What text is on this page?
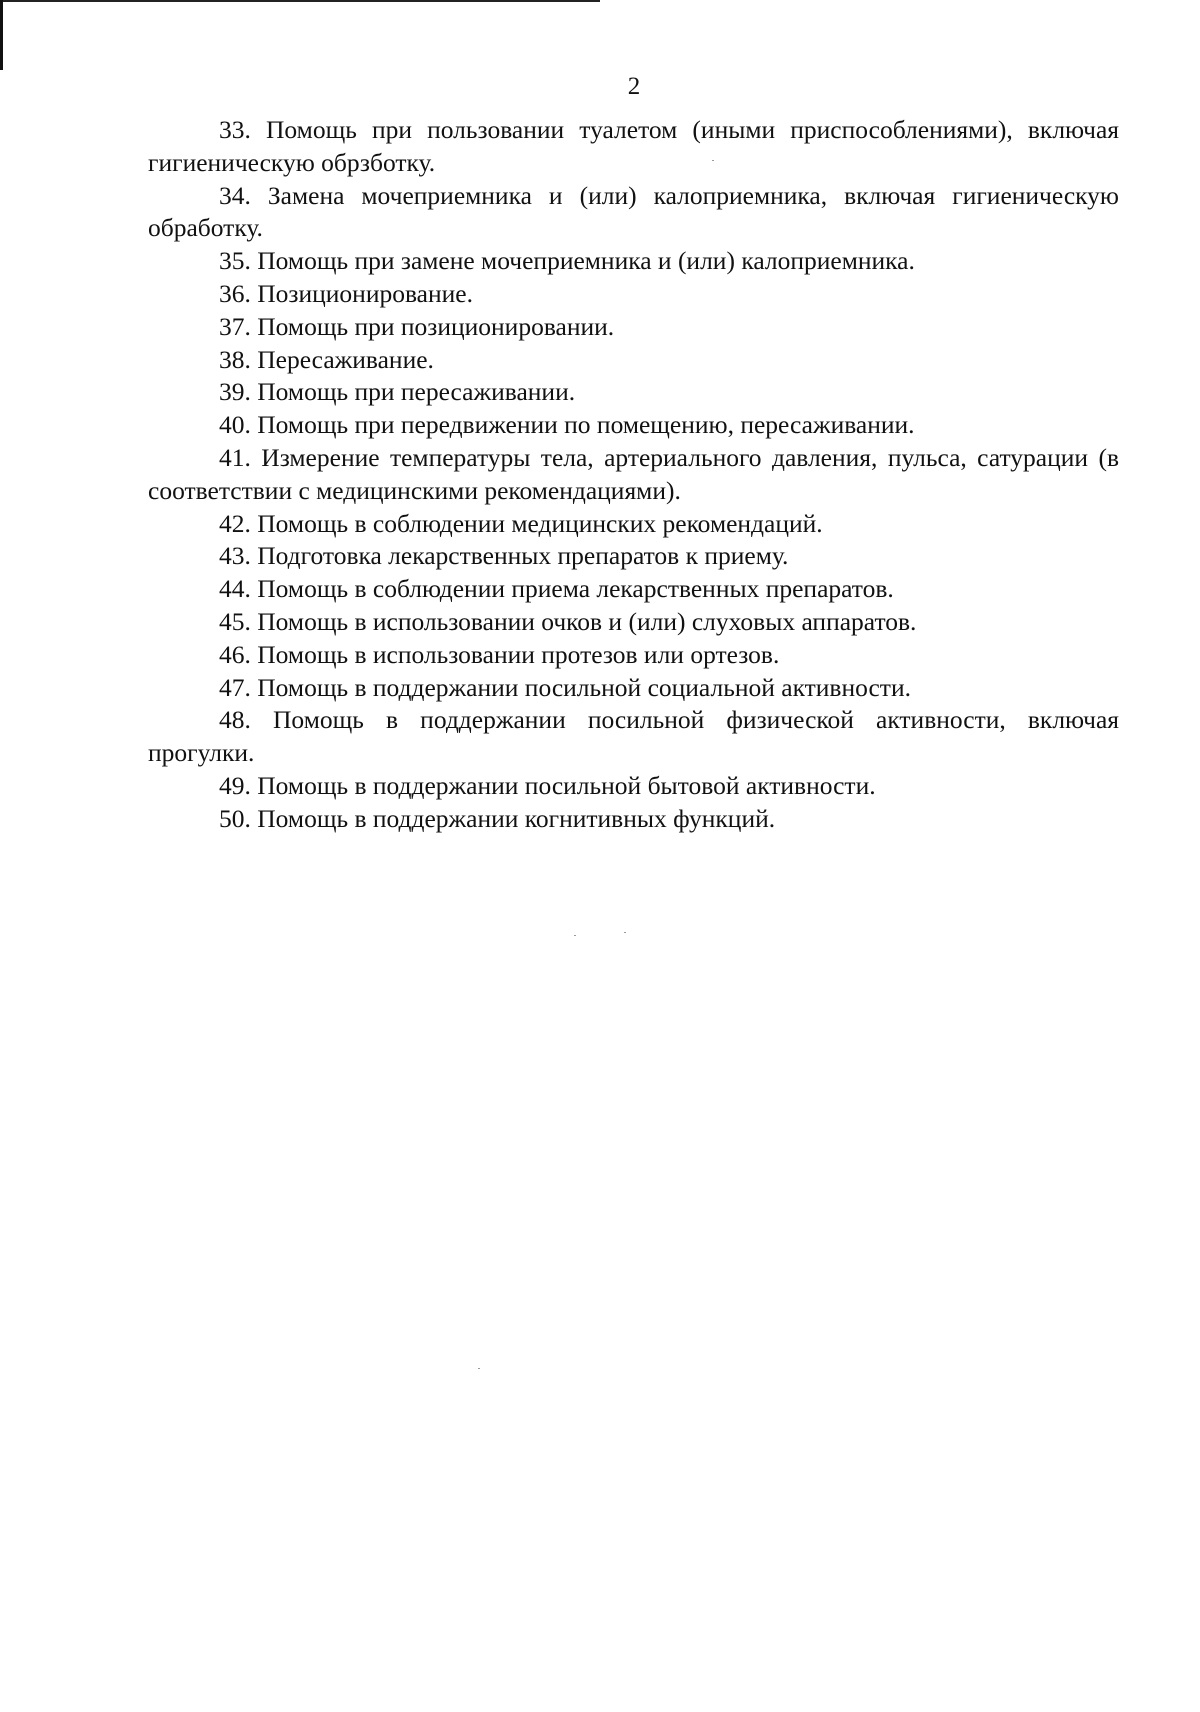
2

33. Помощь при пользовании туалетом (иными приспособлениями), включая гигиеническую обрзботку.

34. Замена мочеприемника и (или) калоприемника, включая гигиеническую обработку.

35. Помощь при замене мочеприемника и (или) калоприемника.

36. Позиционирование.

37. Помощь при позиционировании.

38. Пересаживание.

39. Помощь при пересаживании.

40. Помощь при передвижении по помещению, пересаживании.

41. Измерение температуры тела, артериального давления, пульса, сатурации (в соответствии с медицинскими рекомендациями).

42. Помощь в соблюдении медицинских рекомендаций.

43. Подготовка лекарственных препаратов к приему.

44. Помощь в соблюдении приема лекарственных препаратов.

45. Помощь в использовании очков и (или) слуховых аппаратов.

46. Помощь в использовании протезов или ортезов.

47. Помощь в поддержании посильной социальной активности.

48. Помощь в поддержании посильной физической активности, включая прогулки.

49. Помощь в поддержании посильной бытовой активности.

50. Помощь в поддержании когнитивных функций.
